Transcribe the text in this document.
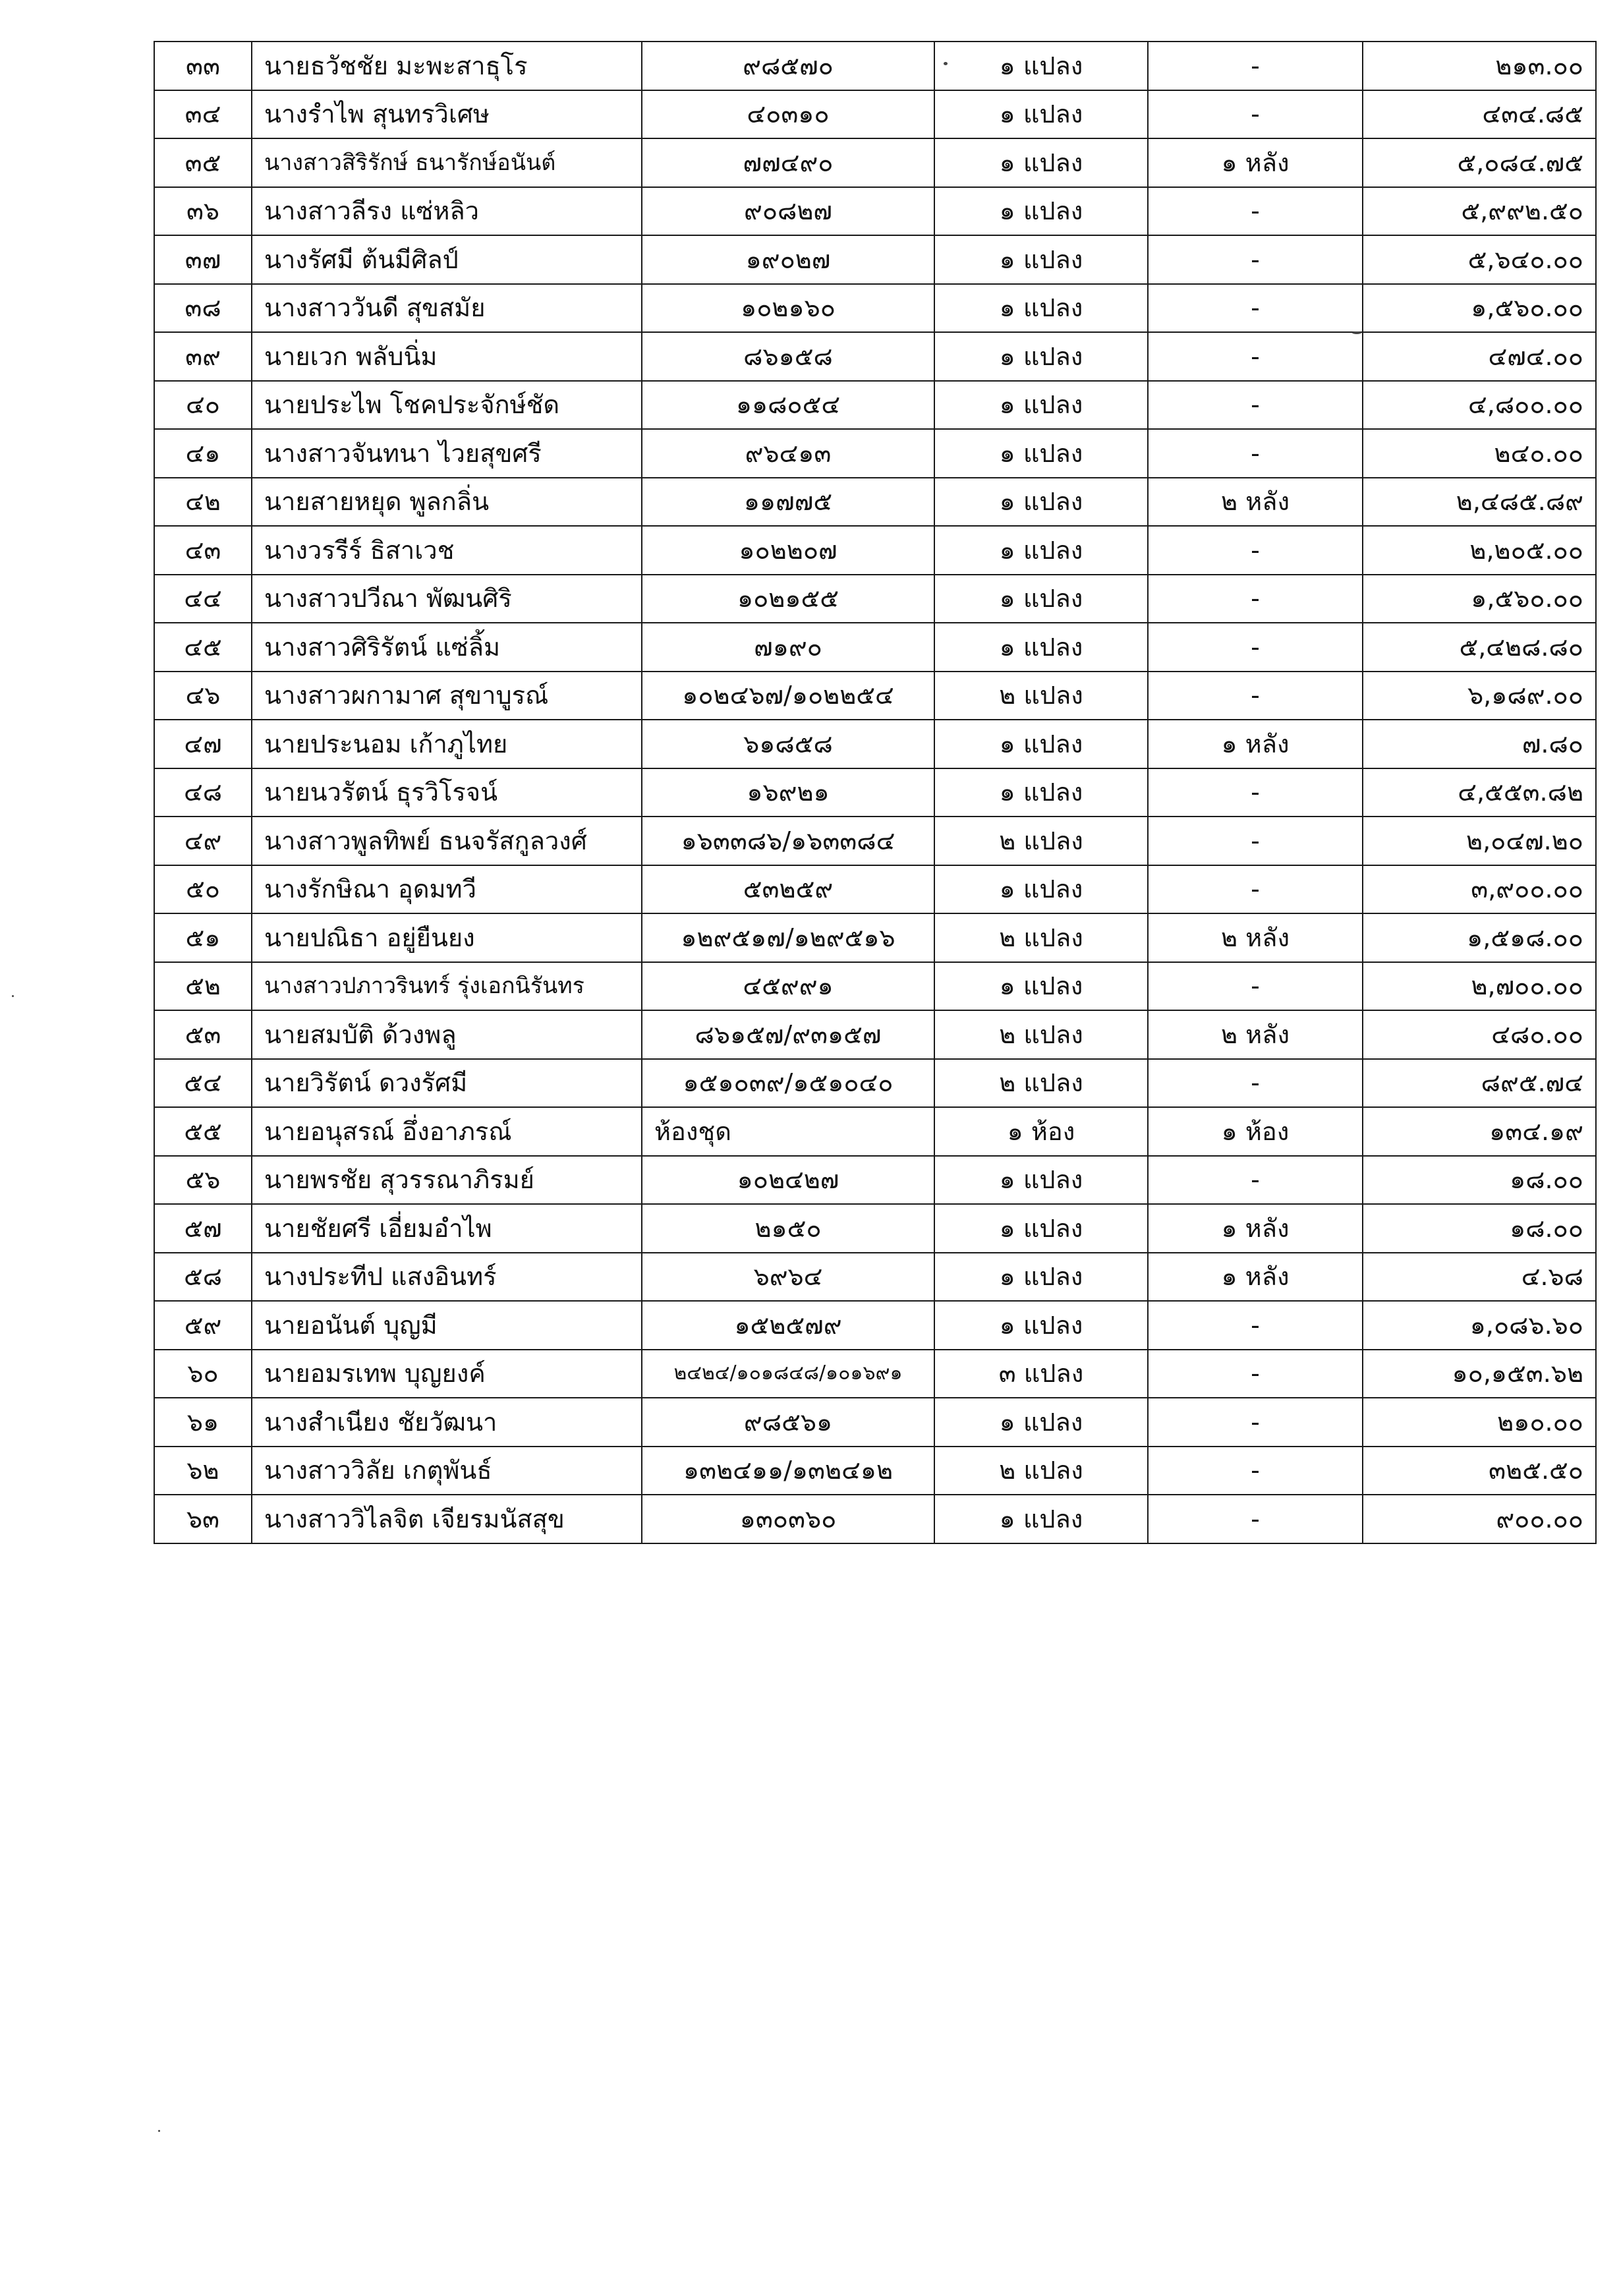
๓๓	นายธวัชชัย มะพะสาธุโร	๙๘๕๗๐	๑ แปลง	-	๒๑๓.๐๐
๓๔	นางรำไพ สุนทรวิเศษ	๔๐๓๑๐	๑ แปลง	-	๔๓๔.๘๕
๓๕	นางสาวสิริรักษ์ ธนารักษ์อนันต์	๗๗๔๙๐	๑ แปลง	๑ หลัง	๕,๐๘๔.๗๕
๓๖	นางสาวลีรง แซ่หลิว	๙๐๘๒๗	๑ แปลง	-	๕,๙๙๒.๕๐
๓๗	นางรัศมี ต้นมีศิลป์	๑๙๐๒๗	๑ แปลง	-	๕,๖๔๐.๐๐
๓๘	นางสาววันดี สุขสมัย	๑๐๒๑๖๐	๑ แปลง	-	๑,๕๖๐.๐๐
๓๙	นายเวก พลับนิ่ม	๘๖๑๕๘	๑ แปลง	-	๔๗๔.๐๐
๔๐	นายประไพ โชคประจักษ์ชัด	๑๑๘๐๕๔	๑ แปลง	-	๔,๘๐๐.๐๐
๔๑	นางสาวจันทนา ไวยสุขศรี	๙๖๔๑๓	๑ แปลง	-	๒๔๐.๐๐
๔๒	นายสายหยุด พูลกลิ่น	๑๑๗๗๕	๑ แปลง	๒ หลัง	๒,๔๘๕.๘๙
๔๓	นางวรรีร์ ธิสาเวช	๑๐๒๒๐๗	๑ แปลง	-	๒,๒๐๕.๐๐
๔๔	นางสาวปวีณา พัฒนศิริ	๑๐๒๑๕๕	๑ แปลง	-	๑,๕๖๐.๐๐
๔๕	นางสาวศิริรัตน์ แซ่ลิ้ม	๗๑๙๐	๑ แปลง	-	๕,๔๒๘.๘๐
๔๖	นางสาวผกามาศ สุขาบูรณ์	๑๐๒๔๖๗/๑๐๒๒๕๔	๒ แปลง	-	๖,๑๘๙.๐๐
๔๗	นายประนอม เก้าภูไทย	๖๑๘๕๘	๑ แปลง	๑ หลัง	๗.๘๐
๔๘	นายนวรัตน์ ธุรวิโรจน์	๑๖๙๒๑	๑ แปลง	-	๔,๕๕๓.๘๒
๔๙	นางสาวพูลทิพย์ ธนจรัสกูลวงศ์	๑๖๓๓๘๖/๑๖๓๓๘๔	๒ แปลง	-	๒,๐๔๗.๒๐
๕๐	นางรักษิณา อุดมทวี	๕๓๒๕๙	๑ แปลง	-	๓,๙๐๐.๐๐
๕๑	นายปณิธา อยู่ยืนยง	๑๒๙๕๑๗/๑๒๙๕๑๖	๒ แปลง	๒ หลัง	๑,๕๑๘.๐๐
๕๒	นางสาวปภาวรินทร์ รุ่งเอกนิรันทร	๔๕๙๙๑	๑ แปลง	-	๒,๗๐๐.๐๐
๕๓	นายสมบัติ ด้วงพลู	๘๖๑๕๗/๙๓๑๕๗	๒ แปลง	๒ หลัง	๔๘๐.๐๐
๕๔	นายวิรัตน์ ดวงรัศมี	๑๕๑๐๓๙/๑๕๑๐๔๐	๒ แปลง	-	๘๙๕.๗๔
๕๕	นายอนุสรณ์ อึ่งอาภรณ์	ห้องชุด	๑ ห้อง	๑ ห้อง	๑๓๔.๑๙
๕๖	นายพรชัย สุวรรณาภิรมย์	๑๐๒๔๒๗	๑ แปลง	-	๑๘.๐๐
๕๗	นายชัยศรี เอี่ยมอำไพ	๒๑๕๐	๑ แปลง	๑ หลัง	๑๘.๐๐
๕๘	นางประทีป แสงอินทร์	๖๙๖๔	๑ แปลง	๑ หลัง	๔.๖๘
๕๙	นายอนันต์ บุญมี	๑๕๒๕๗๙	๑ แปลง	-	๑,๐๘๖.๖๐
๖๐	นายอมรเทพ บุญยงค์	๒๔๒๔/๑๐๑๘๔๘/๑๐๑๖๙๑	๓ แปลง	-	๑๐,๑๕๓.๖๒
๖๑	นางสำเนียง ชัยวัฒนา	๙๘๕๖๑	๑ แปลง	-	๒๑๐.๐๐
๖๒	นางสาววิลัย เกตุพันธ์	๑๓๒๔๑๑/๑๓๒๔๑๒	๒ แปลง	-	๓๒๕.๕๐
๖๓	นางสาววิไลจิต เจียรมนัสสุข	๑๓๐๓๖๐	๑ แปลง	-	๙๐๐.๐๐
